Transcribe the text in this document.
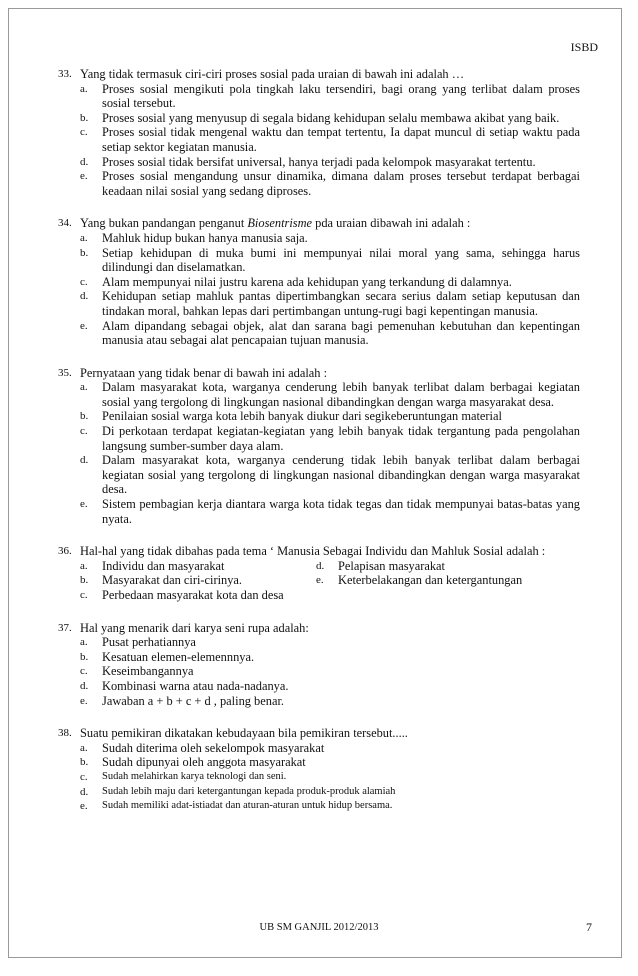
ISBD
33. Yang tidak termasuk ciri-ciri proses sosial pada uraian di bawah ini adalah …
a. Proses sosial mengikuti pola tingkah laku tersendiri, bagi orang yang terlibat dalam proses sosial tersebut.
b. Proses sosial yang menyusup di segala bidang kehidupan selalu membawa akibat yang baik.
c. Proses sosial tidak mengenal waktu dan tempat tertentu, Ia dapat muncul di setiap waktu pada setiap sektor kegiatan manusia.
d. Proses sosial tidak bersifat universal, hanya terjadi pada kelompok masyarakat tertentu.
e. Proses sosial mengandung unsur dinamika, dimana dalam proses tersebut terdapat berbagai keadaan nilai sosial yang sedang diproses.
34. Yang bukan pandangan penganut Biosentrisme pda uraian dibawah ini adalah :
a. Mahluk hidup bukan hanya manusia saja.
b. Setiap kehidupan di muka bumi ini mempunyai nilai moral yang sama, sehingga harus dilindungi dan diselamatkan.
c. Alam mempunyai nilai justru karena ada kehidupan yang terkandung di dalamnya.
d. Kehidupan setiap mahluk pantas dipertimbangkan secara serius dalam setiap keputusan dan tindakan moral, bahkan lepas dari pertimbangan untung-rugi bagi kepentingan manusia.
e. Alam dipandang sebagai objek, alat dan sarana bagi pemenuhan kebutuhan dan kepentingan manusia atau sebagai alat pencapaian tujuan manusia.
35. Pernyataan yang tidak benar di bawah ini adalah :
a. Dalam masyarakat kota, warganya cenderung lebih banyak terlibat dalam berbagai kegiatan sosial yang tergolong di lingkungan nasional dibandingkan dengan warga masyarakat desa.
b. Penilaian sosial warga kota lebih banyak diukur dari segikeberuntungan material
c. Di perkotaan terdapat kegiatan-kegiatan yang lebih banyak tidak tergantung pada pengolahan langsung sumber-sumber daya alam.
d. Dalam masyarakat kota, warganya cenderung tidak lebih banyak terlibat dalam berbagai kegiatan sosial yang tergolong di lingkungan nasional dibandingkan dengan warga masyarakat desa.
e. Sistem pembagian kerja diantara warga kota tidak tegas dan tidak mempunyai batas-batas yang nyata.
36. Hal-hal yang tidak dibahas pada tema ‘ Manusia Sebagai Individu dan Mahluk Sosial adalah :
a. Individu dan masyarakat	d. Pelapisan masyarakat
b. Masyarakat dan ciri-cirinya.	e. Keterbelakangan dan ketergantungan
c. Perbedaan masyarakat kota dan desa
37. Hal yang menarik dari karya seni rupa adalah:
a. Pusat perhatiannya
b. Kesatuan elemen-elemennnya.
c. Keseimbangannya
d. Kombinasi warna atau nada-nadanya.
e. Jawaban a + b + c + d , paling benar.
38. Suatu pemikiran dikatakan kebudayaan bila pemikiran tersebut.....
a. Sudah diterima oleh sekelompok masyarakat
b. Sudah dipunyai oleh anggota masyarakat
c. Sudah melahirkan karya teknologi dan seni.
d. Sudah lebih maju dari ketergantungan kepada produk-produk alamiah
e. Sudah memiliki adat-istiadat dan aturan-aturan untuk hidup bersama.
UB SM GANJIL 2012/2013	7
